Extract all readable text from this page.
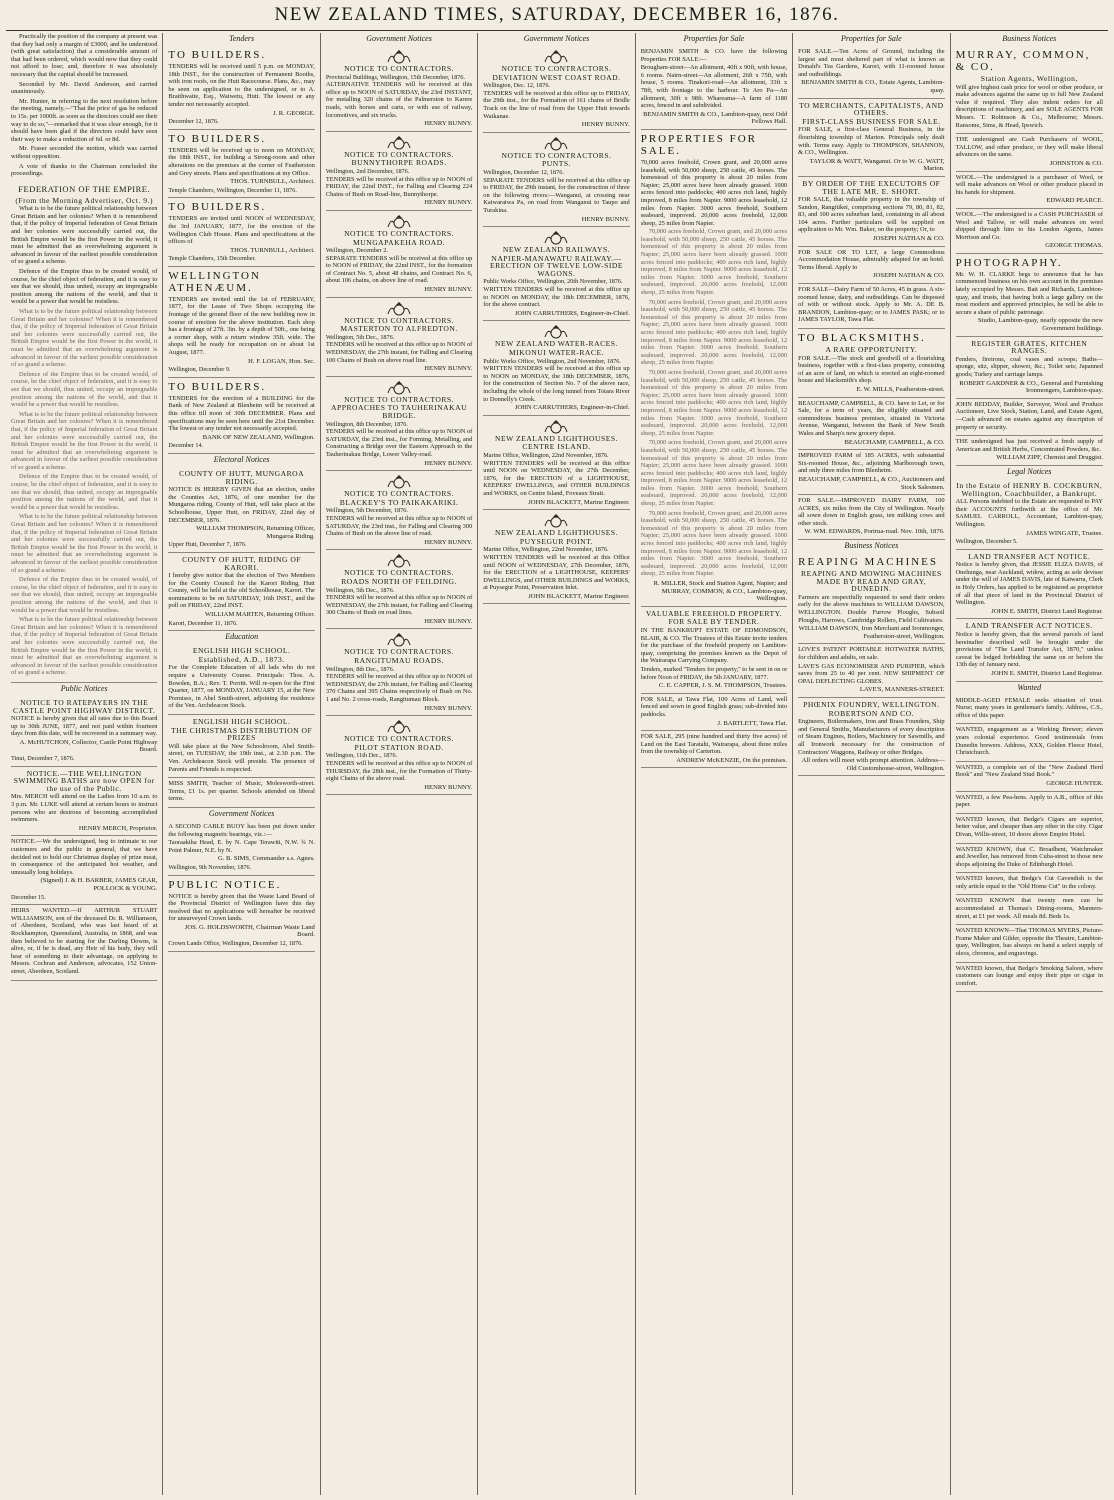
NEW ZEALAND TIMES, SATURDAY, DECEMBER 16, 1876.

Practically the position of the company at present was that they had only a margin of £3000, and he understood (with great satisfaction) that a considerable amount of that had been ordered, which would now that they could not afford to lose; and, therefore it was absolutely necessary that the capital should be increased.

Seconded by Mr. David Anderson, and carried unanimously.

Mr. Hunter, in referring to the next resolution before the meeting, namely,—"That the price of gas be reduced to 15s. per 1000ft. as soon as the directors could see their way to do so,"—remarked that it was clear enough, for it should have been glad if the directors could have seen their way to make a reduction of 6d. or 8d.

Mr. Fraser seconded the motion, which was carried without opposition.

A vote of thanks to the Chairman concluded the proceedings.

FEDERATION OF THE EMPIRE.
(From the Morning Advertiser, Oct. 9.)

What is to be the future political relationship between Great Britain and her colonies? When it is remembered that, if the policy of Imperial federation of Great Britain and her colonies were successfully carried out, the British Empire would be the first Power in the world, it must be admitted that an overwhelming argument is advanced in favour of the earliest possible consideration of so grand a scheme.

Defence of the Empire thus to be created would, of course, be the chief object of federation, and it is easy to see that we should, thus united, occupy an impregnable position among the nations of the world, and that it would be a power that would be resistless.

What is to be the future political relationship between Great Britain and her colonies? When it is remembered that, if the policy of Imperial federation of Great Britain and her colonies were successfully carried out, the British Empire would be the first Power in the world, it must be admitted that an overwhelming argument is advanced in favour of the earliest possible consideration of so grand a scheme.

Defence of the Empire thus to be created would, of course, be the chief object of federation, and it is easy to see that we should, thus united, occupy an impregnable position among the nations of the world, and that it would be a power that would be resistless.

What is to be the future political relationship between Great Britain and her colonies? When it is remembered that, if the policy of Imperial federation of Great Britain and her colonies were successfully carried out, the British Empire would be the first Power in the world, it must be admitted that an overwhelming argument is advanced in favour of the earliest possible consideration of so grand a scheme.

Defence of the Empire thus to be created would, of course, be the chief object of federation, and it is easy to see that we should, thus united, occupy an impregnable position among the nations of the world, and that it would be a power that would be resistless.

What is to be the future political relationship between Great Britain and her colonies? When it is remembered that, if the policy of Imperial federation of Great Britain and her colonies were successfully carried out, the British Empire would be the first Power in the world, it must be admitted that an overwhelming argument is advanced in favour of the earliest possible consideration of so grand a scheme.

Defence of the Empire thus to be created would, of course, be the chief object of federation, and it is easy to see that we should, thus united, occupy an impregnable position among the nations of the world, and that it would be a power that would be resistless.

What is to be the future political relationship between Great Britain and her colonies? When it is remembered that, if the policy of Imperial federation of Great Britain and her colonies were successfully carried out, the British Empire would be the first Power in the world, it must be admitted that an overwhelming argument is advanced in favour of the earliest possible consideration of so grand a scheme.

Public Notices
NOTICE TO RATEPAYERS IN THE CASTLE POINT HIGHWAY DISTRICT.

NOTICE is hereby given that all rates due to this Board up to 30th JUNE, 1877, and not paid within fourteen days from this date, will be recovered in a summary way.

A. McHUTCHON, Collector, Castle Point Highway Board.
Tinui, December 7, 1876.
NOTICE.—THE WELLINGTON SWIMMING BATHS are now OPEN for the use of the Public.

Mrs. MERCH will attend on the Ladies from 10 a.m. to 3 p.m. Mr. LUKE will attend at certain hours to instruct persons who are desirous of becoming accomplished swimmers.

HENRY MERCH, Proprietor.

NOTICE.—We the undersigned, beg to intimate to our customers and the public in general, that we have decided not to hold our Christmas display of prize meat, in consequence of the anticipated hot weather, and unusually long holidays.

(Signed) J. & H. BARBER, JAMES GEAR, POLLOCK & YOUNG.
December 15.

HEIRS WANTED.—If ARTHUR STUART WILLIAMSON, son of the deceased Dr. R. Williamson, of Aberdeen, Scotland, who was last heard of at Rockhampton, Queensland, Australia, in 1868, and was then believed to be starting for the Darling Downs, is alive, or, if he is dead, any Heir of his body, they will hear of something to their advantage, on applying to Messrs. Cochran and Anderson, advocates, 152 Union-street, Aberdeen, Scotland.

Tenders
TO BUILDERS.

TENDERS will be received until 5 p.m. on MONDAY, 18th INST., for the construction of Permanent Booths, with iron roofs, on the Hutt Racecourse. Plans, &c., may be seen on application to the undersigned, or to A. Braithwaite, Esq., Waiwetu, Hutt. The lowest or any tender not necessarily accepted.

J. R. GEORGE.
December 12, 1876.
TO BUILDERS.

TENDERS will be received up to noon on MONDAY, the 18th INST., for building a Strong-room and other alterations on the premises at the corner of Featherston and Grey streets. Plans and specifications at my Office.

THOS. TURNBULL, Architect.
Temple Chambers, Wellington, December 11, 1876.
TO BUILDERS.

TENDERS are invited until NOON of WEDNESDAY, the 3rd JANUARY, 1877, for the erection of the Wellington Club House. Plans and specifications at the offices of

THOS. TURNBULL, Architect.
Temple Chambers, 15th December.
WELLINGTON ATHENÆUM.

TENDERS are invited until the 1st of FEBRUARY, 1877, for the Lease of Two Shops occupying the frontage of the ground floor of the new building now in course of erection for the above institution. Each shop has a frontage of 27ft. 3in. by a depth of 50ft., one being a corner shop, with a return window 35ft. wide. The shops will be ready for occupation on or about 1st August, 1877.

H. F. LOGAN, Hon. Sec.
Wellington, December 9.
TO BUILDERS.

TENDERS for the erection of a BUILDING for the Bank of New Zealand at Blenheim will be received at this office till noon of 30th DECEMBER. Plans and specifications may be seen here until the 21st December. The lowest or any tender not necessarily accepted.

BANK OF NEW ZEALAND, Wellington.
December 14.
Electoral Notices
COUNTY OF HUTT, MUNGAROA RIDING.

NOTICE IS HEREBY GIVEN that an election, under the Counties Act, 1876, of one member for the Mungaroa riding, County of Hutt, will take place at the Schoolhouse, Upper Hutt, on FRIDAY, 22nd day of DECEMBER, 1876.

WILLIAM THOMPSON, Returning Officer, Mungaroa Riding.
Upper Hutt, December 7, 1876.
COUNTY OF HUTT, RIDING OF KARORI.

I hereby give notice that the election of Two Members for the County Council for the Karori Riding, Hutt County, will be held at the old Schoolhouse, Karori. The nominations to be on SATURDAY, 16th INST., and the poll on FRIDAY, 22nd INST.

WILLIAM MARTEN, Returning Officer.
Karori, December 11, 1876.
Education
ENGLISH HIGH SCHOOL.
Established, A.D., 1873.

For the Complete Education of all lads who do not require a University Course. Principals: Thos. A. Bowden, B.A.; Rev. T. Porritt. Will re-open for the First Quarter, 1877, on MONDAY, JANUARY 15, at the New Premises, in Abel Smith-street, adjoining the residence of the Ven. Archdeacon Stock.

ENGLISH HIGH SCHOOL.
THE CHRISTMAS DISTRIBUTION OF PRIZES

Will take place at the New Schoolroom, Abel Smith-street, on TUESDAY, the 19th inst., at 2.30 p.m. The Ven. Archdeacon Stock will preside. The presence of Parents and Friends is respected.

MISS SMITH, Teacher of Music, Molesworth-street. Terms, £1 1s. per quarter. Schools attended on liberal terms.

Government Notices

A SECOND CABLE BUOY has been put down under the following magnetic bearings, viz.:—

Taoraakiha Head, E. by N. Cape Terawiti, N.W. ¾ N. Point Palmer, N.E. by N.

G. B. SIMS, Commander s.s. Agnes.
Wellington, 9th November, 1876.
PUBLIC NOTICE.

NOTICE is hereby given that the Waste Land Board of the Provincial District of Wellington have this day resolved that no applications will hereafter be received for unsurveyed Crown lands.

JOS. G. HOLDSWORTH, Chairman Waste Land Board.
Crown Lands Office, Wellington, December 12, 1876.
Government Notices
NOTICE TO CONTRACTORS.
Provincial Buildings, Wellington, 15th December, 1876.

ALTERNATIVE TENDERS will be received at this office up to NOON of SATURDAY, the 23rd INSTANT, for metalling 320 chains of the Palmerston to Karere roads, with horses and carts, or with use of railway, locomotives, and six trucks.

HENRY BUNNY.
NOTICE TO CONTRACTORS.
BUNNYTHORPE ROADS.
Wellington, 2nd December, 1876.

TENDERS will be received at this office up to NOON of FRIDAY, the 22nd INST., for Falling and Clearing 224 Chains of Bush on Road-line, Bunnythorpe.

HENRY BUNNY.
NOTICE TO CONTRACTORS.
MUNGAPAKEHA ROAD.
Wellington, December 2.

SEPARATE TENDERS will be received at this office up to NOON of FRIDAY, the 22nd INST., for the formation of Contract No. 5, about 48 chains, and Contract No. 6, about 106 chains, on above line of road.

HENRY BUNNY.
NOTICE TO CONTRACTORS.
MASTERTON TO ALFREDTON.
Wellington, 5th Dec., 1876.

TENDERS will be received at this office up to NOON of WEDNESDAY, the 27th instant, for Falling and Clearing 100 Chains of Bush on above road line.

HENRY BUNNY.
NOTICE TO CONTRACTORS.
APPROACHES TO TAUHERINAKAU BRIDGE.
Wellington, 8th December, 1876.

TENDERS will be received at this office up to NOON of SATURDAY, the 23rd inst., for Forming, Metalling, and Constructing a Bridge over the Eastern Approach to the Tauherinakau Bridge, Lower Valley-road.

HENRY BUNNY.
NOTICE TO CONTRACTORS.
BLACKEY'S TO PAIKAKARIKI.
Wellington, 5th December, 1876.

TENDERS will be received at this office up to NOON of SATURDAY, the 23rd inst., for Falling and Clearing 300 Chains of Bush on the above line of road.

HENRY BUNNY.
NOTICE TO CONTRACTORS.
ROADS NORTH OF FEILDING.
Wellington, 5th Dec., 1876.

TENDERS will be received at this office up to NOON of WEDNESDAY, the 27th instant, for Falling and Clearing 300 Chains of Bush on road lines.

HENRY BUNNY.
NOTICE TO CONTRACTORS.
RANGITUMAU ROADS.
Wellington, 8th Dec., 1876.

TENDERS will be received at this office up to NOON of WEDNESDAY, the 27th instant, for Falling and Clearing 370 Chains and 395 Chains respectively of Bush on No. 1 and No. 2 cross-roads, Rangitumau Block.

HENRY BUNNY.
NOTICE TO CONTRACTORS.
PILOT STATION ROAD.
Wellington, 11th Dec., 1876.

TENDERS will be received at this office up to NOON of THURSDAY, the 28th inst., for the Formation of Thirty-eight Chains of the above road.

HENRY BUNNY.
Government Notices
NOTICE TO CONTRACTORS.
DEVIATION WEST COAST ROAD.
Wellington, Dec. 12, 1876.

TENDERS will be received at this office up to FRIDAY, the 29th inst., for the Formation of 161 chains of Bridle Track on the line of road from the Upper Hutt towards Waikanae.

HENRY BUNNY.
NOTICE TO CONTRACTORS.
PUNTS.
Wellington, December 12, 1876.

SEPARATE TENDERS will be received at this office up to FRIDAY, the 29th instant, for the construction of three on the following rivers:—Wanganui, at crossing near Kaiwaraiwa Pa, on road from Wanganui to Taupo and Turakina.

HENRY BUNNY.
NEW ZEALAND RAILWAYS.
NAPIER-MANAWATU RAILWAY.—ERECTION OF TWELVE LOW-SIDE WAGONS.
Public Works Office, Wellington, 20th November, 1876.

WRITTEN TENDERS will be received at this office up to NOON on MONDAY, the 18th DECEMBER, 1876, for the above contract.

JOHN CARRUTHERS, Engineer-in-Chief.
NEW ZEALAND WATER-RACES.
MIKONUI WATER-RACE.
Public Works Office, Wellington, 2nd November, 1876.

WRITTEN TENDERS will be received at this office up to NOON on MONDAY, the 18th DECEMBER, 1876, for the construction of Section No. 7 of the above race, including the whole of the long tunnel from Totara River to Donnelly's Creek.

JOHN CARRUTHERS, Engineer-in-Chief.
NEW ZEALAND LIGHTHOUSES.
CENTRE ISLAND.
Marine Office, Wellington, 22nd November, 1876.

WRITTEN TENDERS will be received at this office until NOON on WEDNESDAY, the 27th December, 1876, for the ERECTION of a LIGHTHOUSE, KEEPERS' DWELLINGS, and OTHER BUILDINGS and WORKS, on Centre Island, Foveaux Strait.

JOHN BLACKETT, Marine Engineer.
NEW ZEALAND LIGHTHOUSES.
PUYSEGUR POINT.
Marine Office, Wellington, 22nd November, 1876.

WRITTEN TENDERS will be received at this Office until NOON of WEDNESDAY, 27th December, 1876, for the ERECTION of a LIGHTHOUSE, KEEPERS' DWELLINGS, and OTHER BUILDINGS and WORKS, at Puysegur Point, Preservation Inlet.

JOHN BLACKETT, Marine Engineer.
Properties for Sale

BENJAMIN SMITH & CO. have the following Properties FOR SALE:—

Brougham-street—An allotment, 40ft x 90ft, with house, 6 rooms. Nairn-street—An allotment, 26ft x 75ft, with house, 5 rooms. Tinakori-road—An allotment, 33ft x 78ft, with frontage to the harbour. Te Aro Pa—An allotment, 30ft x 98ft. Whareama—A farm of 1180 acres, fenced in and subdivided.

BENJAMIN SMITH & CO., Lambton-quay, next Odd Fellows Hall.
PROPERTIES FOR SALE.

70,000 acres freehold, Crown grant, and 20,000 acres leasehold, with 50,000 sheep, 250 cattle, 45 horses. The homestead of this property is about 20 miles from Napier; 25,000 acres have been already grassed. 1000 acres fenced into paddocks; 400 acres rich land, highly improved, 8 miles from Napier. 9000 acres leasehold, 12 miles from Napier. 3000 acres freehold, Southern seaboard, improved. 20,000 acres freehold, 12,000 sheep, 25 miles from Napier.

70,000 acres freehold, Crown grant, and 20,000 acres leasehold, with 50,000 sheep, 250 cattle, 45 horses. The homestead of this property is about 20 miles from Napier; 25,000 acres have been already grassed. 1000 acres fenced into paddocks; 400 acres rich land, highly improved, 8 miles from Napier. 9000 acres leasehold, 12 miles from Napier. 3000 acres freehold, Southern seaboard, improved. 20,000 acres freehold, 12,000 sheep, 25 miles from Napier.

70,000 acres freehold, Crown grant, and 20,000 acres leasehold, with 50,000 sheep, 250 cattle, 45 horses. The homestead of this property is about 20 miles from Napier; 25,000 acres have been already grassed. 1000 acres fenced into paddocks; 400 acres rich land, highly improved, 8 miles from Napier. 9000 acres leasehold, 12 miles from Napier. 3000 acres freehold, Southern seaboard, improved. 20,000 acres freehold, 12,000 sheep, 25 miles from Napier.

70,000 acres freehold, Crown grant, and 20,000 acres leasehold, with 50,000 sheep, 250 cattle, 45 horses. The homestead of this property is about 20 miles from Napier; 25,000 acres have been already grassed. 1000 acres fenced into paddocks; 400 acres rich land, highly improved, 8 miles from Napier. 9000 acres leasehold, 12 miles from Napier. 3000 acres freehold, Southern seaboard, improved. 20,000 acres freehold, 12,000 sheep, 25 miles from Napier.

70,000 acres freehold, Crown grant, and 20,000 acres leasehold, with 50,000 sheep, 250 cattle, 45 horses. The homestead of this property is about 20 miles from Napier; 25,000 acres have been already grassed. 1000 acres fenced into paddocks; 400 acres rich land, highly improved, 8 miles from Napier. 9000 acres leasehold, 12 miles from Napier. 3000 acres freehold, Southern seaboard, improved. 20,000 acres freehold, 12,000 sheep, 25 miles from Napier.

70,000 acres freehold, Crown grant, and 20,000 acres leasehold, with 50,000 sheep, 250 cattle, 45 horses. The homestead of this property is about 20 miles from Napier; 25,000 acres have been already grassed. 1000 acres fenced into paddocks; 400 acres rich land, highly improved, 8 miles from Napier. 9000 acres leasehold, 12 miles from Napier. 3000 acres freehold, Southern seaboard, improved. 20,000 acres freehold, 12,000 sheep, 25 miles from Napier.

R. MILLER, Stock and Station Agent, Napier; and MURRAY, COMMON, & CO., Lambton-quay, Wellington.
VALUABLE FREEHOLD PROPERTY.
FOR SALE BY TENDER.

IN THE BANKRUPT ESTATE OF EDMONDSON, BLAIR, & CO. The Trustees of this Estate invite tenders for the purchase of the freehold property on Lambton-quay, comprising the premises known as the Depot of the Wairarapa Carrying Company.

Tenders, marked "Tenders for property," to be sent in on or before Noon of FRIDAY, the 5th JANUARY, 1877.
C. E. CAPPER, J. S. M. THOMPSON, Trustees.

FOR SALE, at Tawa Flat, 100 Acres of Land, well fenced and sown in good English grass; sub-divided into paddocks.

J. BARTLETT, Tawa Flat.

FOR SALE, 295 (nine hundred and thirty five acres) of Land on the East Taratahi, Wairarapa, about three miles from the township of Carterton.

ANDREW McKENZIE, On the premises.
Properties for Sale

FOR SALE.—Ten Acres of Ground, including the largest and most sheltered part of what is known as Donald's Tea Gardens, Karori, with 11-roomed house and outbuildings.

BENJAMIN SMITH & CO., Estate Agents, Lambton-quay.
TO MERCHANTS, CAPITALISTS, AND OTHERS.
FIRST-CLASS BUSINESS FOR SALE.

FOR SALE, a first-class General Business, in the flourishing township of Marton. Principals only dealt with. Terms easy. Apply to THOMPSON, SHANNON, & CO., Wellington.

TAYLOR & WATT, Wanganui. Or to W. G. WATT, Marton.
BY ORDER OF THE EXECUTORS OF THE LATE MR. E. SHORT.

FOR SALE, that valuable property in the township of Sandon, Rangitikei, comprising sections 79, 80, 81, 82, 83, and 100 acres suburban land, containing in all about 104 acres. Further particulars will be supplied on application to Mr. Wm. Baker, on the property; Or, to

JOSEPH NATHAN & CO.

FOR SALE OR TO LET, a large Commodious Accommodation House, admirably adapted for an hotel. Terms liberal. Apply to

JOSEPH NATHAN & CO.

FOR SALE—Dairy Farm of 50 Acres, 45 in grass. A six-roomed house, dairy, and outbuildings. Can be disposed of with or without stock. Apply to Mr. A. DE B. BRANDON, Lambton-quay; or to JAMES PASK; or to JAMES TAYLOR, Tawa Flat.

TO BLACKSMITHS.
A RARE OPPORTUNITY.

FOR SALE.—The stock and goodwill of a flourishing business, together with a first-class property, consisting of an acre of land, on which is erected an eight-roomed house and blacksmith's shop.

E. W. MILLS, Featherston-street.

BEAUCHAMP, CAMPBELL, & CO. have to Let, or for Sale, for a term of years, the eligibly situated and commodious business premises, situated in Victoria Avenue, Wanganui, between the Bank of New South Wales and Sharp's new grocery depot.

BEAUCHAMP, CAMPBELL, & CO.

IMPROVED FARM of 185 ACRES, with substantial Six-roomed House, &c., adjoining Marlborough town, and only three miles from Blenheim.

BEAUCHAMP, CAMPBELL, & CO., Auctioneers and Stock Salesmen.

FOR SALE.—IMPROVED DAIRY FARM, 100 ACRES, six miles from the City of Wellington. Nearly all sown down in English grass, ten milking cows and other stock.

W. WM. EDWARDS, Porirua-road. Nov. 10th, 1876.
Business Notices
REAPING MACHINES
REAPING AND MOWING MACHINES MADE BY READ AND GRAY, DUNEDIN.

Farmers are respectfully requested to send their orders early for the above machines to WILLIAM DAWSON, WELLINGTON. Double Furrow Ploughs, Subsoil Ploughs, Harrows, Cambridge Rollers, Field Cultivators.

WILLIAM DAWSON, Iron Merchant and Ironmonger, Featherston-street, Wellington.

LOVE'S PATENT PORTABLE HOTWATER BATHS, for children and adults, on sale.

LAVE'S GAS ECONOMISER AND PURIFIER, which saves from 25 to 40 per cent. NEW SHIPMENT OF OPAL DEFLECTING GLOBES.

LAVE'S, MANNERS-STREET.
PHŒNIX FOUNDRY, WELLINGTON.
ROBERTSON AND CO.

Engineers, Boilermakers, Iron and Brass Founders, Ship and General Smiths, Manufacturers of every description of Steam Engines, Boilers, Machinery for Sawmills, and all Ironwork necessary for the construction of Contractors' Waggons, Railway or other Bridges.

All orders will meet with prompt attention. Address—Old Customhouse-street, Wellington.
Business Notices
MURRAY, COMMON, & CO.
Station Agents, Wellington,

Will give highest cash price for wool or other produce, or make advances against the same up to full New Zealand value if required. They also indent orders for all descriptions of machinery, and are SOLE AGENTS FOR Messrs. T. Robinson & Co., Melbourne; Messrs. Ransome, Sims, & Head, Ipswich.

THE undersigned are Cash Purchasers of WOOL, TALLOW, and other produce, or they will make liberal advances on the same.

JOHNSTON & CO.

WOOL.—The undersigned is a purchaser of Wool, or will make advances on Wool or other produce placed in his hands for shipment.

EDWARD PEARCE.

WOOL.—The undersigned is a CASH PURCHASER of Wool and Tallow, or will make advances on wool shipped through him to his London Agents, James Morrison and Co.

GEORGE THOMAS.
PHOTOGRAPHY.

Mr. W. H. CLARKE begs to announce that he has commenced business on his own account in the premises lately occupied by Messrs. Batt and Richards, Lambton-quay, and trusts, that having both a large gallery on the most modern and approved principles, he will be able to secure a share of public patronage.

Studio, Lambton-quay, nearly opposite the new Government buildings.
REGISTER GRATES, KITCHEN RANGES.

Fenders, fireirons, coal vases and scoops; Baths—sponge, sitz, slipper, shower, &c.; Toilet sets; Japanned goods; Turkey and carriage lamps.

ROBERT GARDNER & CO., General and Furnishing Ironmongers, Lambton-quay.

JOHN REDDAY, Builder, Surveyor, Wool and Produce Auctioneer, Live Stock, Station, Land, and Estate Agent,—Cash advanced on estates against any description of property or security.

THE undersigned has just received a fresh supply of American and British Herbs, Concentrated Powders, &c.

WILLIAM ZIPF, Chemist and Druggist.
Legal Notices
In the Estate of HENRY B. COCKBURN, Wellington, Coachbuilder, a Bankrupt.

ALL Persons indebted to the Estate are requested to PAY their ACCOUNTS forthwith at the office of Mr. SAMUEL CARROLL, Accountant, Lambton-quay, Wellington.

JAMES WINGATE, Trustee.
Wellington, December 5.
LAND TRANSFER ACT NOTICE.

Notice is hereby given, that JESSIE ELIZA DAVIS, of Onehunga, near Auckland, widow, acting as sole devisee under the will of JAMES DAVIS, late of Kaiwarra, Clerk in Holy Orders, has applied to be registered as proprietor of all that piece of land in the Provincial District of Wellington.

JOHN E. SMITH, District Land Registrar.
LAND TRANSFER ACT NOTICES.

Notice is hereby given, that the several parcels of land hereinafter described will be brought under the provisions of "The Land Transfer Act, 1870," unless caveat be lodged forbidding the same on or before the 13th day of January next.

JOHN E. SMITH, District Land Registrar.
Wanted

MIDDLE-AGED FEMALE seeks situation of trust. Nurse; many years in gentleman's family. Address, C.S., office of this paper.

WANTED, engagement as a Working Brewer; eleven years colonial experience. Good testimonials from Dunedin brewers. Address, XXX, Golden Fleece Hotel, Christchurch.

WANTED, a complete set of the "New Zealand Herd Book" and "New Zealand Stud Book."

GEORGE HUNTER.

WANTED, a few Pea-hens. Apply to A.B., office of this paper.

WANTED known, that Bedge's Cigars are superior, better value, and cheaper than any other in the city. Cigar Divan, Willis-street, 10 doors above Empire Hotel.

WANTED KNOWN, that C. Broadbent, Watchmaker and Jeweller, has removed from Cuba-street to those new shops adjoining the Duke of Edinburgh Hotel.

WANTED known, that Bedge's Cut Cavendish is the only article equal to the "Old Home Cut" in the colony.

WANTED KNOWN that twenty men can be accommodated at Thomas's Dining-rooms, Manners-street, at £1 per week. All meals 8d. Beds 1s.

WANTED KNOWN—That THOMAS MYERS, Picture-Frame Maker and Gilder, opposite the Theatre, Lambton-quay, Wellington, has always on hand a select supply of oleos, chromos, and engravings.

WANTED known, that Bedge's Smoking Saloon, where customers can lounge and enjoy their pipe or cigar in comfort.
